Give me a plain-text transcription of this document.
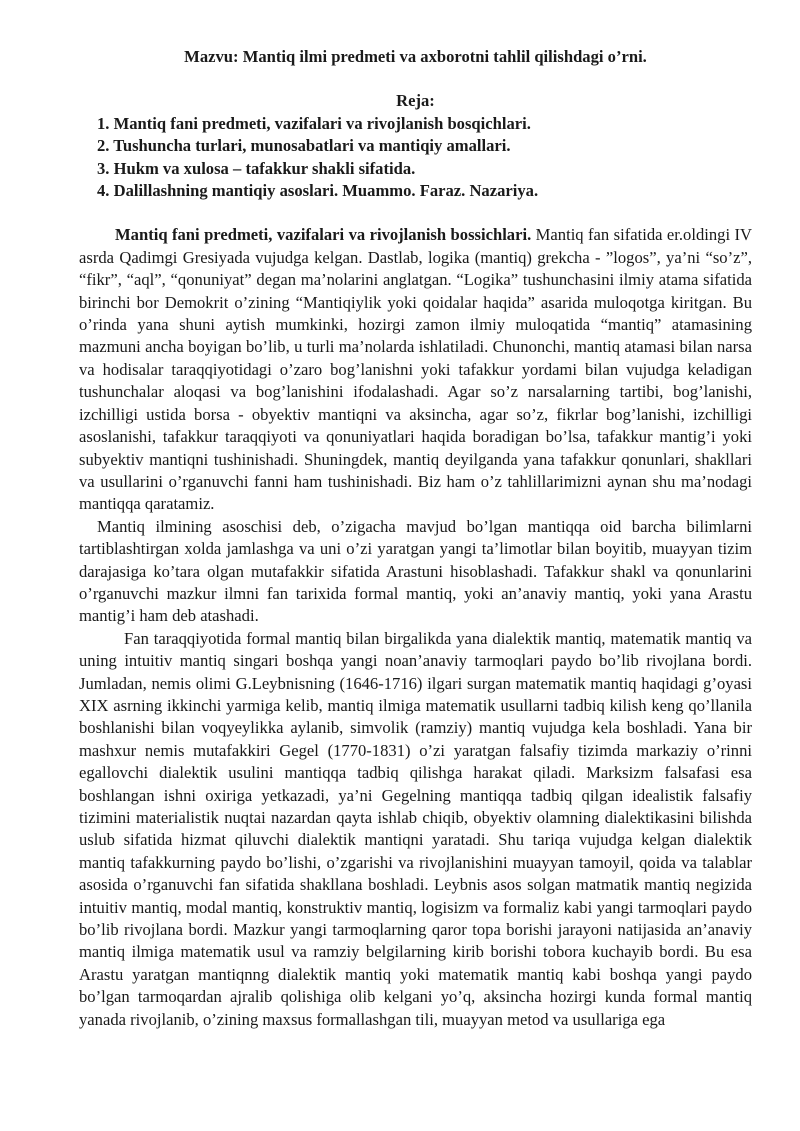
Mazvu: Mantiq ilmi predmeti va axborotni tahlil qilishdagi o’rni.

Reja:

1. Mantiq fani predmeti, vazifalari va rivojlanish bosqichlari.
2. Tushuncha turlari, munosabatlari va mantiqiy amallari.
3. Hukm va xulosa – tafakkur shakli sifatida.
4. Dalillashning mantiqiy asoslari. Muammo. Faraz. Nazariya.

Mantiq fani predmeti, vazifalari va rivojlanish bossichlari. Mantiq fan sifatida er.oldingi IV asrda Qadimgi Gresiyada vujudga kelgan. Dastlab, logika (mantiq) grekcha - ”logos”, ya’ni “so’z”, “fikr”, “aql”, “qonuniyat” degan ma’nolarini anglatgan. “Logika” tushunchasini ilmiy atama sifatida birinchi bor Demokrit o’zining “Mantiqiylik yoki qoidalar haqida” asarida muloqotga kiritgan. Bu o’rinda yana shuni aytish mumkinki, hozirgi zamon ilmiy muloqatida “mantiq” atamasining mazmuni ancha boyigan bo’lib, u turli ma’nolarda ishlatiladi. Chunonchi, mantiq atamasi bilan narsa va hodisalar taraqqiyotidagi o’zaro bog’lanishni yoki tafakkur yordami bilan vujudga keladigan tushunchalar aloqasi va bog’lanishini ifodalashadi. Agar so’z narsalarning tartibi, bog’lanishi, izchilligi ustida borsa - obyektiv mantiqni va aksincha, agar so’z, fikrlar bog’lanishi, izchilligi asoslanishi, tafakkur taraqqiyoti va qonuniyatlari haqida boradigan bo’lsa, tafakkur mantig’i yoki subyektiv mantiqni tushinishadi. Shuningdek, mantiq deyilganda yana tafakkur qonunlari, shakllari va usullarini o’rganuvchi fanni ham tushinishadi. Biz ham o’z tahlillarimizni aynan shu ma’nodagi mantiqqa qaratamiz.

Mantiq ilmining asoschisi deb, o’zigacha mavjud bo’lgan mantiqqa oid barcha bilimlarni tartiblashtirgan xolda jamlashga va uni o’zi yaratgan yangi ta’limotlar bilan boyitib, muayyan tizim darajasiga ko’tara olgan mutafakkir sifatida Arastuni hisoblashadi. Tafakkur shakl va qonunlarini o’rganuvchi mazkur ilmni fan tarixida formal mantiq, yoki an’anaviy mantiq, yoki yana Arastu mantig’i ham deb atashadi.

Fan taraqqiyotida formal mantiq bilan birgalikda yana dialektik mantiq, matematik mantiq va uning intuitiv mantiq singari boshqa yangi noan’anaviy tarmoqlari paydo bo’lib rivojlana bordi. Jumladan, nemis olimi G.Leybnisning (1646-1716) ilgari surgan matematik mantiq haqidagi g’oyasi XIX asrning ikkinchi yarmiga kelib, mantiq ilmiga matematik usullarni tadbiq kilish keng qo’llanila boshlanishi bilan voqyeylikka aylanib, simvolik (ramziy) mantiq vujudga kela boshladi. Yana bir mashxur nemis mutafakkiri Gegel (1770-1831) o’zi yaratgan falsafiy tizimda markaziy o’rinni egallovchi dialektik usulini mantiqqa tadbiq qilishga harakat qiladi. Marksizm falsafasi esa boshlangan ishni oxiriga yetkazadi, ya’ni Gegelning mantiqqa tadbiq qilgan idealistik falsafiy tizimini materialistik nuqtai nazardan qayta ishlab chiqib, obyektiv olamning dialektikasini bilishda uslub sifatida hizmat qiluvchi dialektik mantiqni yaratadi. Shu tariqa vujudga kelgan dialektik mantiq tafakkurning paydo bo’lishi, o’zgarishi va rivojlanishini muayyan tamoyil, qoida va talablar asosida o’rganuvchi fan sifatida shakllana boshladi. Leybnis asos solgan matmatik mantiq negizida intuitiv mantiq, modal mantiq, konstruktiv mantiq, logisizm va formaliz kabi yangi tarmoqlari paydo bo’lib rivojlana bordi. Mazkur yangi tarmoqlarning qaror topa borishi jarayoni natijasida an’anaviy mantiq ilmiga matematik usul va ramziy belgilarning kirib borishi tobora kuchayib bordi. Bu esa Arastu yaratgan mantiqnng dialektik mantiq yoki matematik mantiq kabi boshqa yangi paydo bo’lgan tarmoqardan ajralib qolishiga olib kelgani yo’q, aksincha hozirgi kunda formal mantiq yanada rivojlanib, o’zining maxsus formallashgan tili, muayyan metod va usullariga ega
